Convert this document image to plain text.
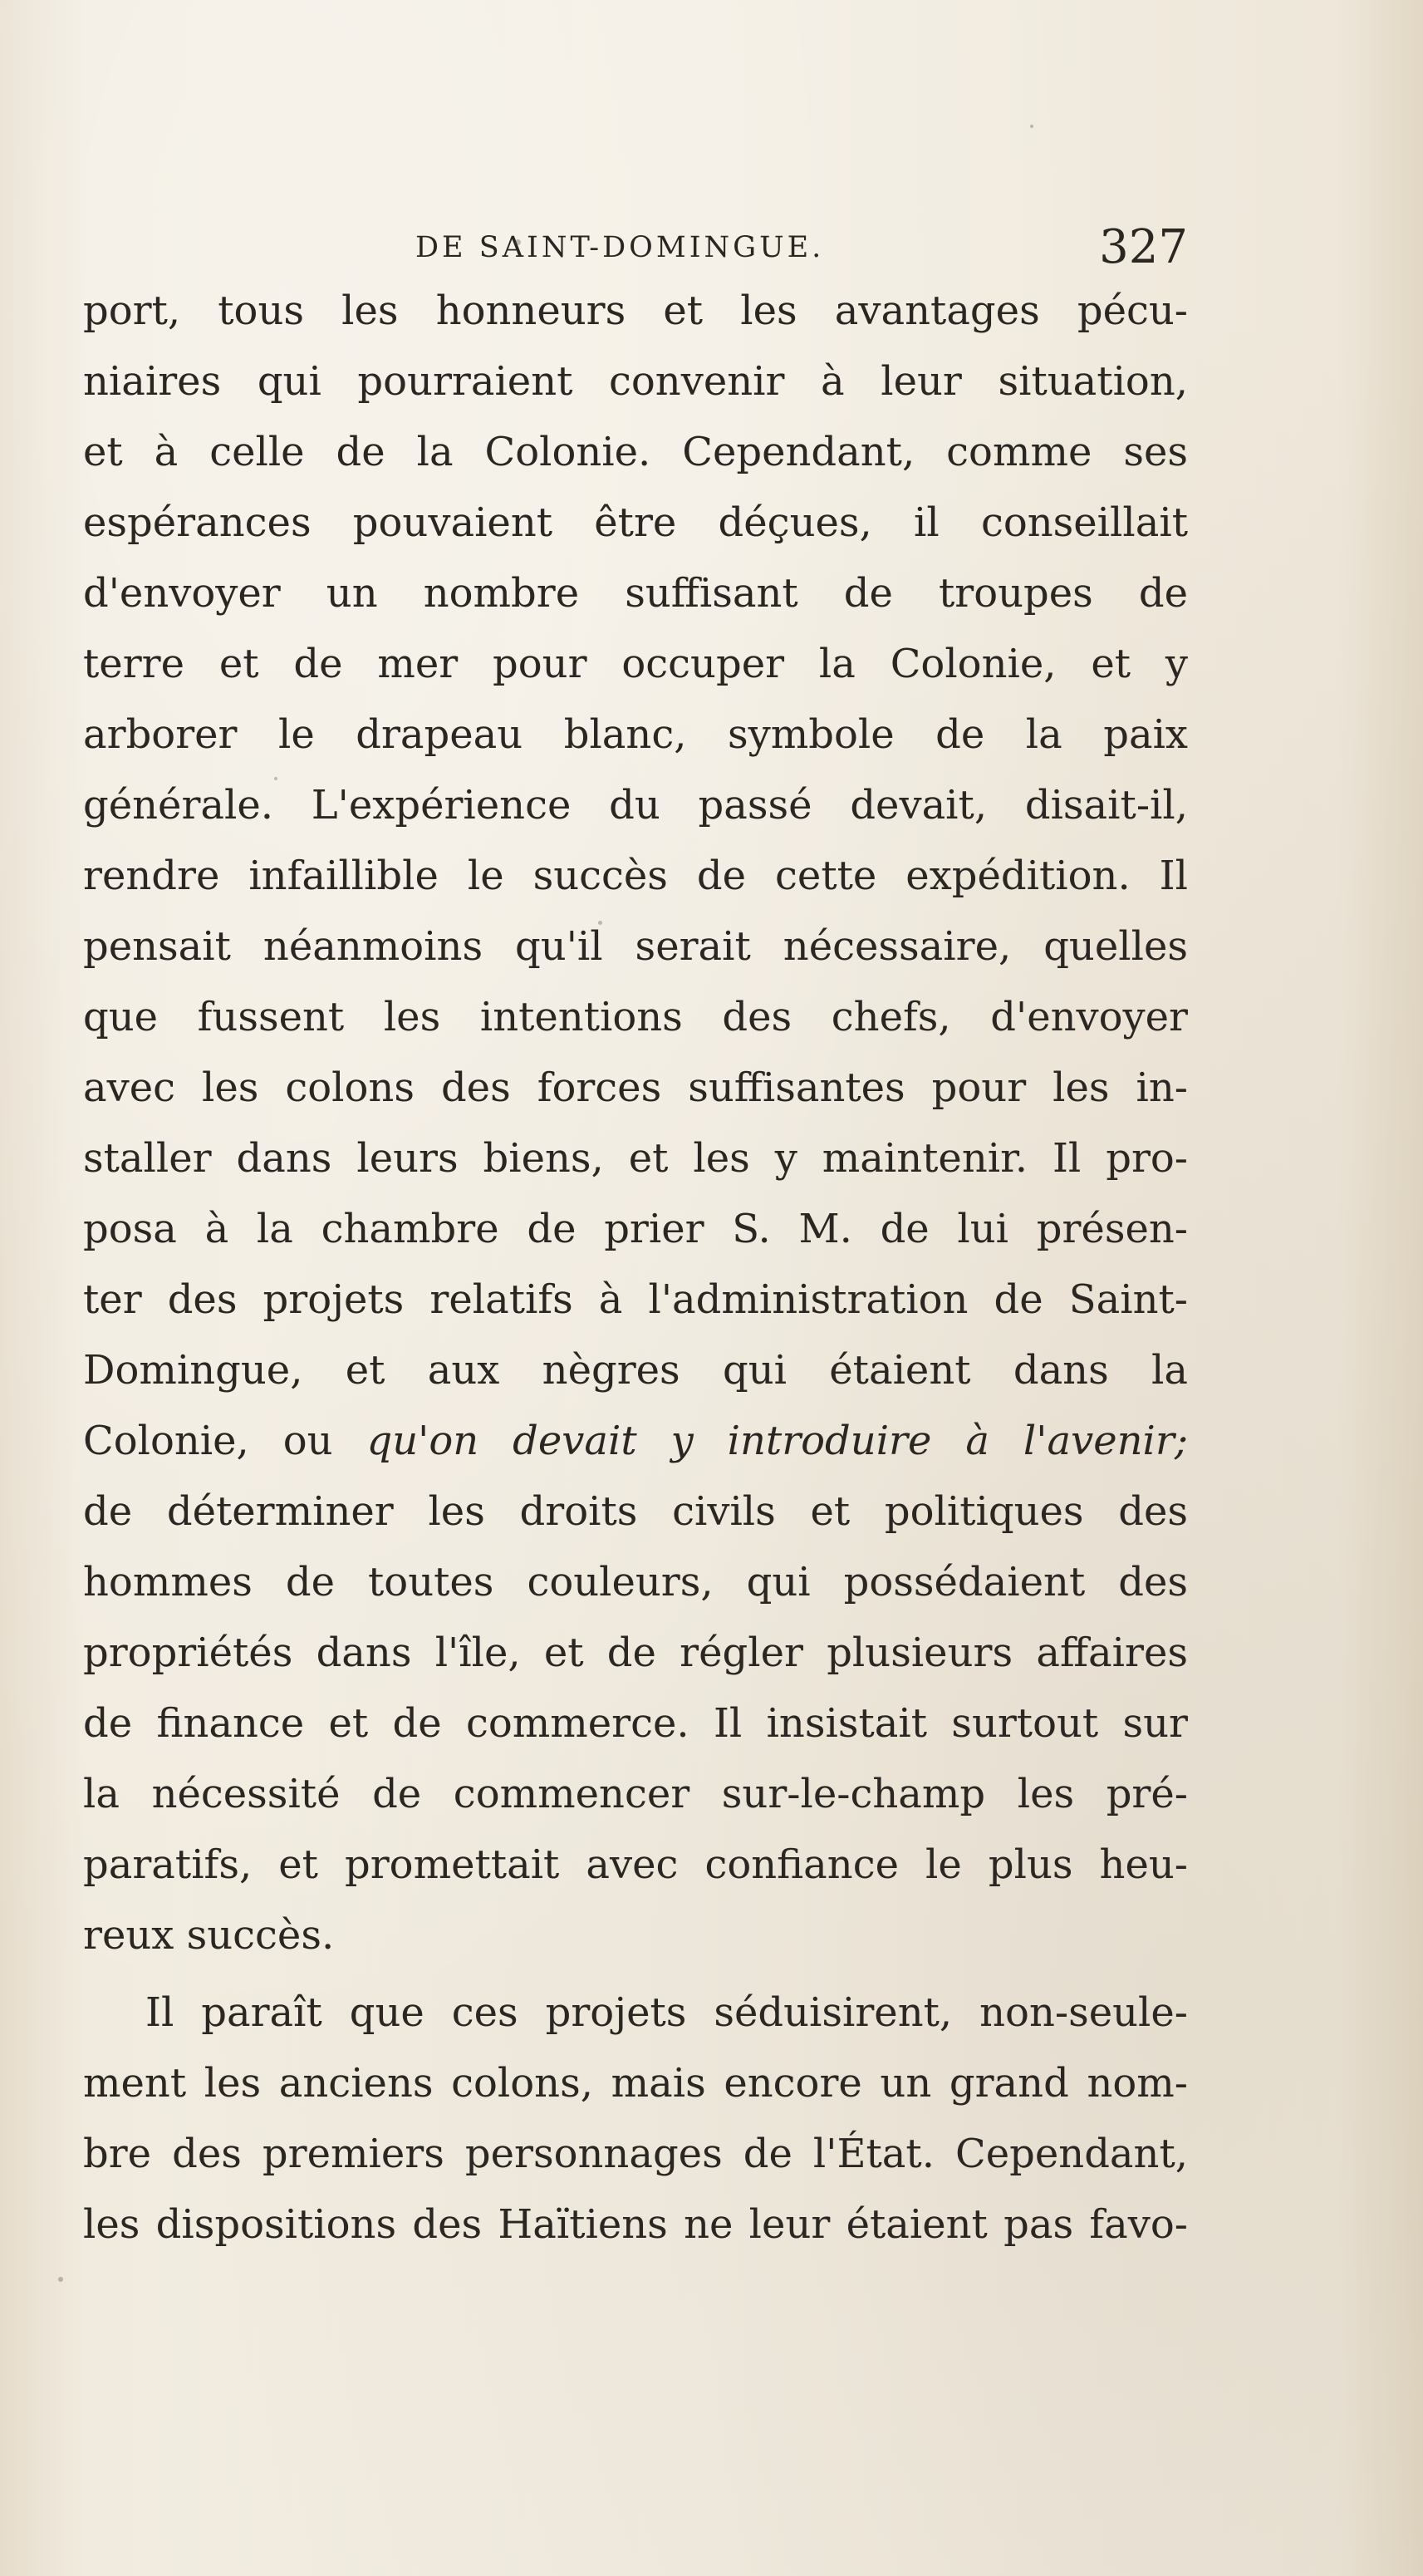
DE SAINT-DOMINGUE.	327
port, tous les honneurs et les avantages pécu-
niaires qui pourraient convenir à leur situation,
et à celle de la Colonie. Cependant, comme ses
espérances pouvaient être déçues, il conseillait
d'envoyer un nombre suffisant de troupes de
terre et de mer pour occuper la Colonie, et y
arborer le drapeau blanc, symbole de la paix
générale. L'expérience du passé devait, disait-il,
rendre infaillible le succès de cette expédition. Il
pensait néanmoins qu'il serait nécessaire, quelles
que fussent les intentions des chefs, d'envoyer
avec les colons des forces suffisantes pour les in-
staller dans leurs biens, et les y maintenir. Il pro-
posa à la chambre de prier S. M. de lui présen-
ter des projets relatifs à l'administration de Saint-
Domingue, et aux nègres qui étaient dans la
Colonie, ou qu'on devait y introduire à l'avenir;
de déterminer les droits civils et politiques des
hommes de toutes couleurs, qui possédaient des
propriétés dans l'île, et de régler plusieurs affaires
de finance et de commerce. Il insistait surtout sur
la nécessité de commencer sur-le-champ les pré-
paratifs, et promettait avec confiance le plus heu-
reux succès.
Il paraît que ces projets séduisirent, non-seule-
ment les anciens colons, mais encore un grand nom-
bre des premiers personnages de l'État. Cependant,
les dispositions des Haïtiens ne leur étaient pas favo-
